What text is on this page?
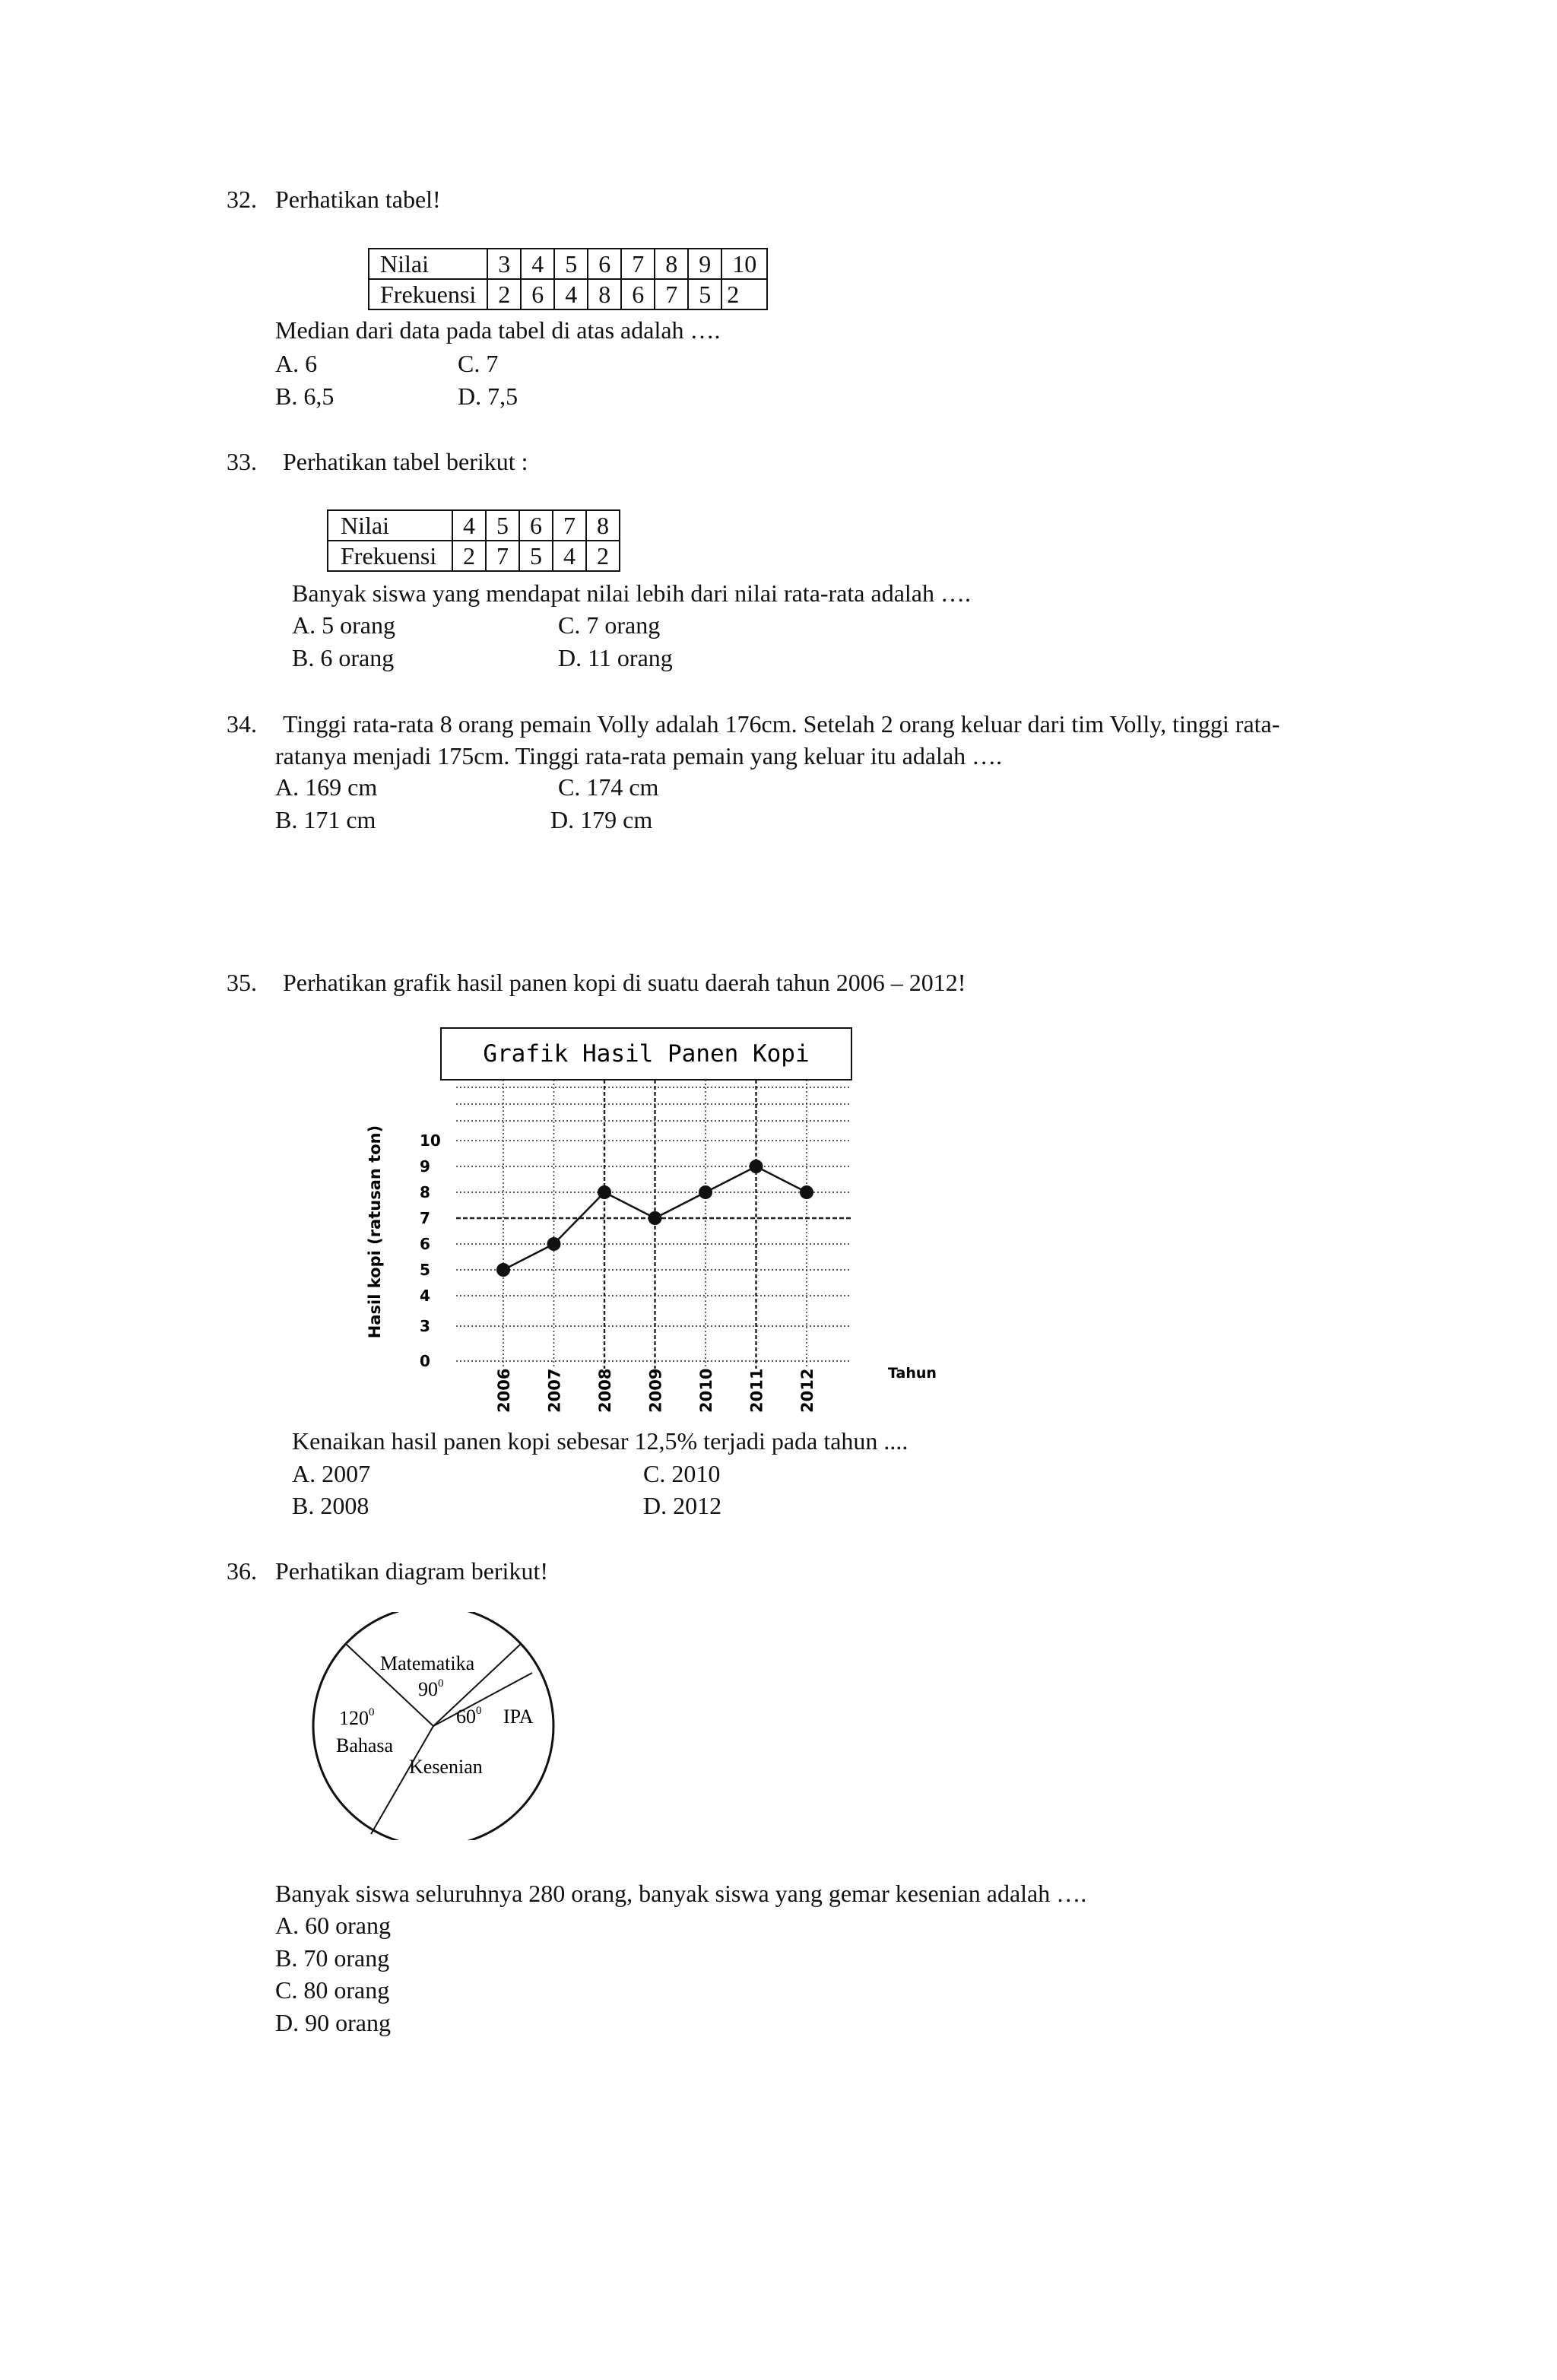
32. Perhatikan tabel!
Nilai	3	4	5	6	7	8	9	10
Frekuensi	2	6	4	8	6	7	5	2
Median dari data pada tabel di atas adalah ….
A. 6	C. 7
B. 6,5	D. 7,5
33. Perhatikan tabel berikut :
Nilai	4	5	6	7	8
Frekuensi	2	7	5	4	2
Banyak siswa yang mendapat nilai lebih dari nilai rata-rata adalah ….
A. 5 orang	C. 7 orang
B. 6 orang	D. 11 orang
34. Tinggi rata-rata 8 orang pemain Volly adalah 176cm. Setelah 2 orang keluar dari tim Volly, tinggi rata-
ratanya menjadi 175cm. Tinggi rata-rata pemain yang keluar itu adalah ….
A. 169 cm	C. 174 cm
B. 171 cm	D. 179 cm
35. Perhatikan grafik hasil panen kopi di suatu daerah tahun 2006 – 2012!
Grafik Hasil Panen Kopi
0
3
4
5
6
7
8
9
10
2006 2007 2008 2009 2010 2011 2012
Hasil kopi (ratusan ton)
Tahun
Kenaikan hasil panen kopi sebesar 12,5% terjadi pada tahun ....
A. 2007	C. 2010
B. 2008	D. 2012
36. Perhatikan diagram berikut!
Matematika
$90^0$
$60^0$ IPA
$120^0$
Bahasa
Kesenian
Banyak siswa seluruhnya 280 orang, banyak siswa yang gemar kesenian adalah ….
A. 60 orang
B. 70 orang
C. 80 orang
D. 90 orang
